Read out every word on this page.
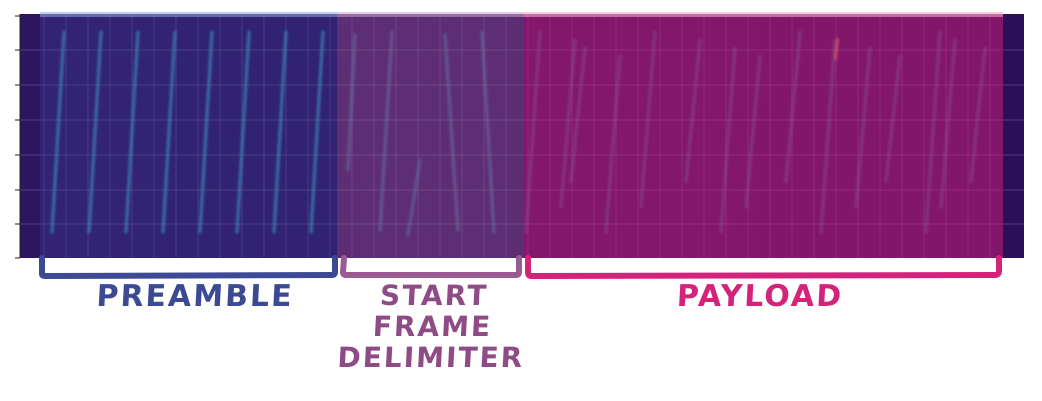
PREAMBLE	START
FRAME
DELIMITER
PAYLOAD
